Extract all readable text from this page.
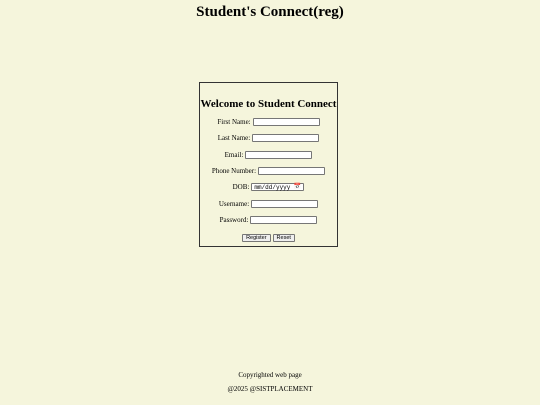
Student's Connect(reg)
Welcome to Student Connect
First Name:
Last Name:
Email:
Phone Number:
DOB: mm/dd/yyyy 📅
Username:
Password:
Register	Reset
Copyrighted web page
@2025 @SISTPLACEMENT
